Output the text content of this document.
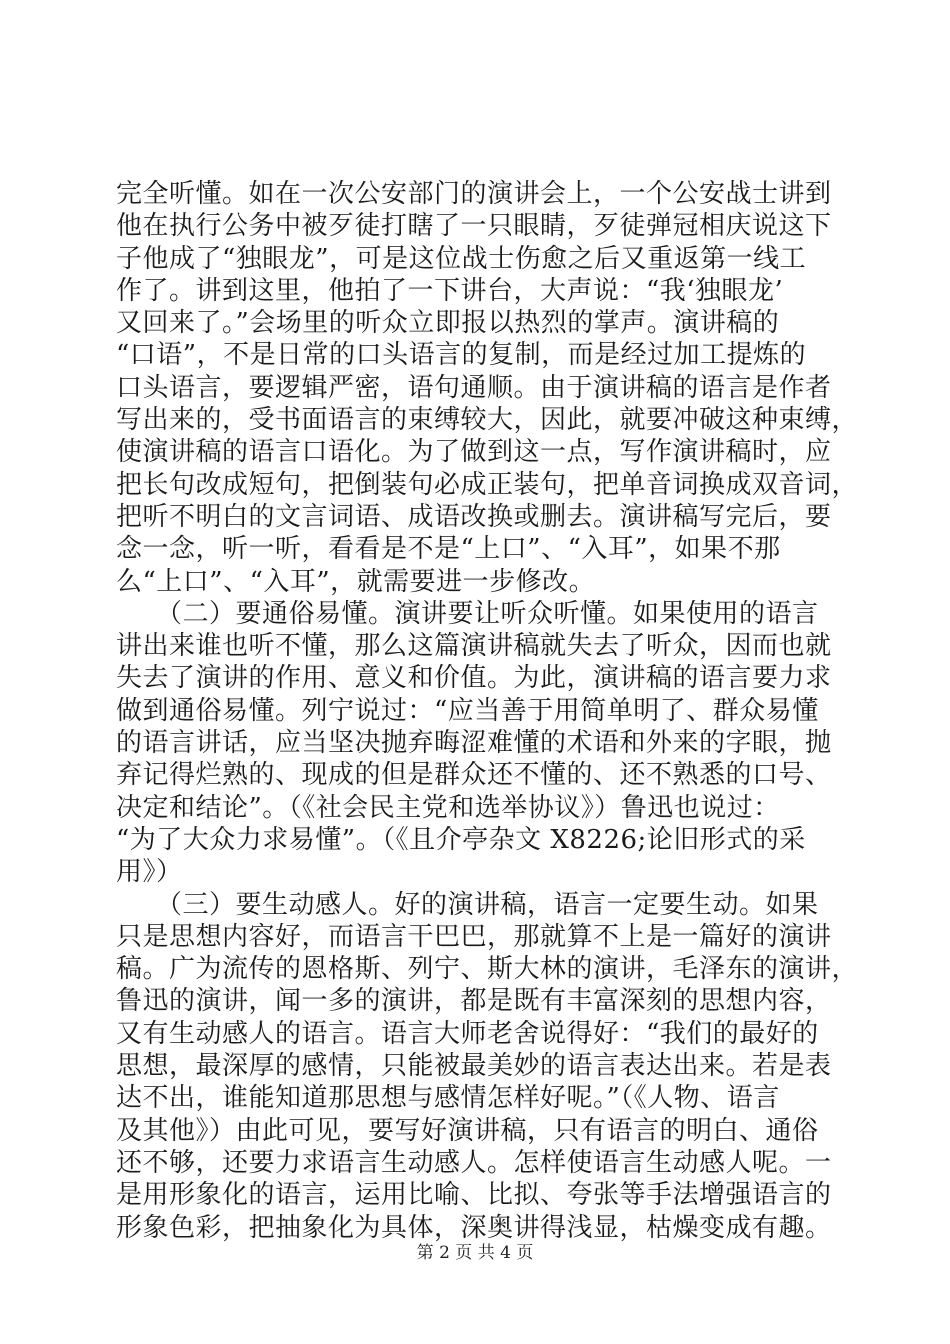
完全听懂。如在一次公安部门的演讲会上，一个公安战士讲到
他在执行公务中被歹徒打瞎了一只眼睛，歹徒弹冠相庆说这下
子他成了“独眼龙”，可是这位战士伤愈之后又重返第一线工
作了。讲到这里，他拍了一下讲台，大声说：“我‘独眼龙’
又回来了。”会场里的听众立即报以热烈的掌声。演讲稿的
“口语”，不是日常的口头语言的复制，而是经过加工提炼的
口头语言，要逻辑严密，语句通顺。由于演讲稿的语言是作者
写出来的，受书面语言的束缚较大，因此，就要冲破这种束缚，
使演讲稿的语言口语化。为了做到这一点，写作演讲稿时，应
把长句改成短句，把倒装句必成正装句，把单音词换成双音词，
把听不明白的文言词语、成语改换或删去。演讲稿写完后，要
念一念，听一听，看看是不是“上口”、“入耳”，如果不那
么“上口”、“入耳”，就需要进一步修改。
　　（二）要通俗易懂。演讲要让听众听懂。如果使用的语言
讲出来谁也听不懂，那么这篇演讲稿就失去了听众，因而也就
失去了演讲的作用、意义和价值。为此，演讲稿的语言要力求
做到通俗易懂。列宁说过：“应当善于用简单明了、群众易懂
的语言讲话，应当坚决抛弃晦涩难懂的术语和外来的字眼，抛
弃记得烂熟的、现成的但是群众还不懂的、还不熟悉的口号、
决定和结论”。（《社会民主党和选举协议》）鲁迅也说过：
“为了大众力求易懂”。（《且介亭杂文 X8226;论旧形式的采
用》）
　　（三）要生动感人。好的演讲稿，语言一定要生动。如果
只是思想内容好，而语言干巴巴，那就算不上是一篇好的演讲
稿。广为流传的恩格斯、列宁、斯大林的演讲，毛泽东的演讲，
鲁迅的演讲，闻一多的演讲，都是既有丰富深刻的思想内容，
又有生动感人的语言。语言大师老舍说得好：“我们的最好的
思想，最深厚的感情，只能被最美妙的语言表达出来。若是表
达不出，谁能知道那思想与感情怎样好呢。”（《人物、语言
及其他》）由此可见，要写好演讲稿，只有语言的明白、通俗
还不够，还要力求语言生动感人。怎样使语言生动感人呢。一
是用形象化的语言，运用比喻、比拟、夸张等手法增强语言的
形象色彩，把抽象化为具体，深奥讲得浅显，枯燥变成有趣。
第 2 页 共 4 页
